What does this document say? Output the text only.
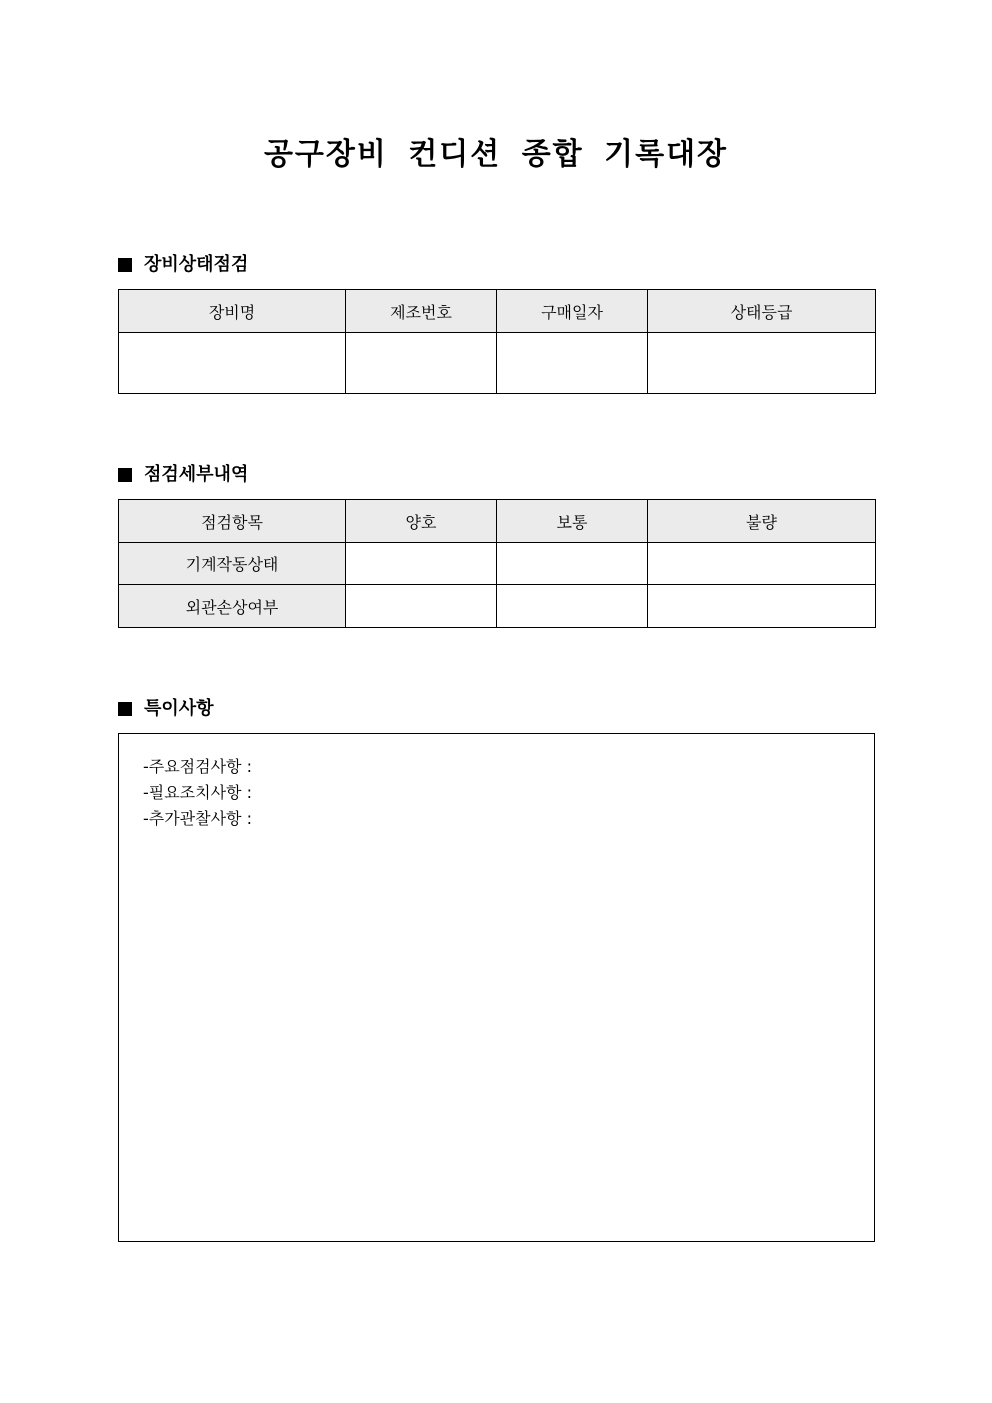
공구장비 컨디션 종합 기록대장
장비상태점검
장비명	제조번호	구매일자	상태등급

점검세부내역
점검항목	양호	보통	불량
기계작동상태			
외관손상여부			
특이사항
-주요점검사항 :
-필요조치사항 :
-추가관찰사항 :
